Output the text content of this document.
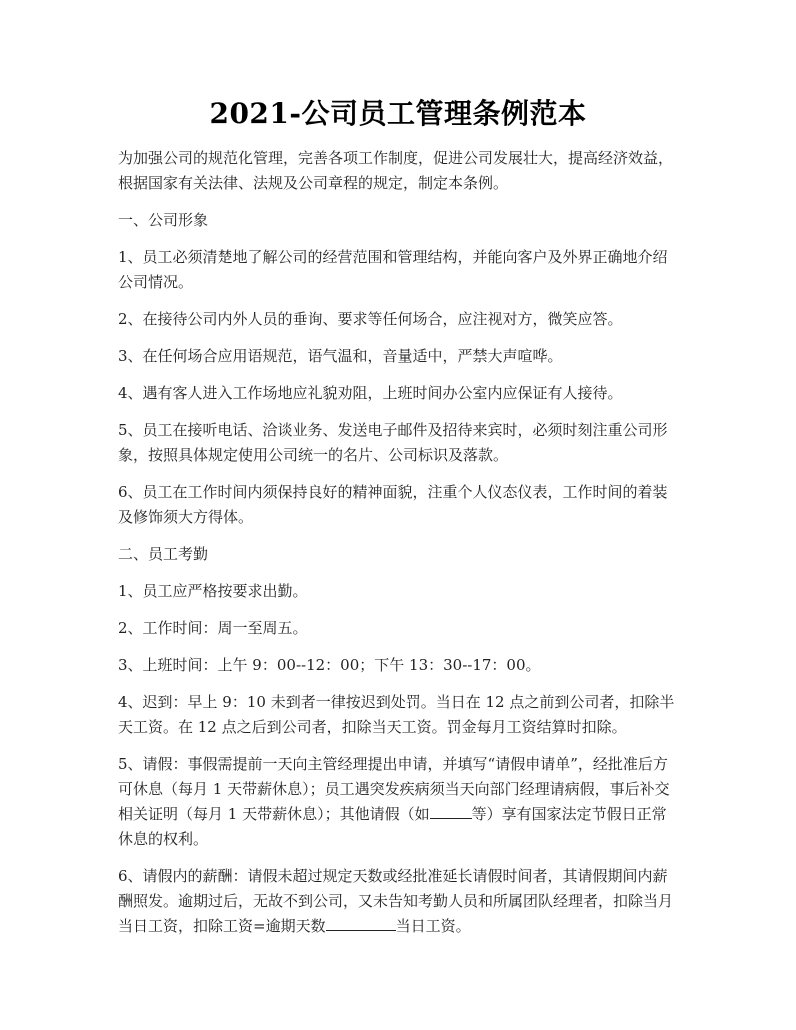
2021-公司员工管理条例范本

为加强公司的规范化管理，完善各项工作制度，促进公司发展壮大，提高经济效益，根据国家有关法律、法规及公司章程的规定，制定本条例。

一、公司形象

1、员工必须清楚地了解公司的经营范围和管理结构，并能向客户及外界正确地介绍公司情况。

2、在接待公司内外人员的垂询、要求等任何场合，应注视对方，微笑应答。

3、在任何场合应用语规范，语气温和，音量适中，严禁大声喧哗。

4、遇有客人进入工作场地应礼貌劝阻，上班时间办公室内应保证有人接待。

5、员工在接听电话、洽谈业务、发送电子邮件及招待来宾时，必须时刻注重公司形象，按照具体规定使用公司统一的名片、公司标识及落款。

6、员工在工作时间内须保持良好的精神面貌，注重个人仪态仪表，工作时间的着装及修饰须大方得体。

二、员工考勤

1、员工应严格按要求出勤。

2、工作时间：周一至周五。

3、上班时间：上午 9：00--12：00；下午 13：30--17：00。

4、迟到：早上 9：10 未到者一律按迟到处罚。当日在 12 点之前到公司者，扣除半天工资。在 12 点之后到公司者，扣除当天工资。罚金每月工资结算时扣除。

5、请假：事假需提前一天向主管经理提出申请，并填写“请假申请单”，经批准后方可休息（每月 1 天带薪休息）；员工遇突发疾病须当天向部门经理请病假，事后补交相关证明（每月 1 天带薪休息）；其他请假（如	等）享有国家法定节假日正常休息的权利。

6、请假内的薪酬：请假未超过规定天数或经批准延长请假时间者，其请假期间内薪酬照发。逾期过后，无故不到公司，又未告知考勤人员和所属团队经理者，扣除当月当日工资，扣除工资=逾期天数	当日工资。
